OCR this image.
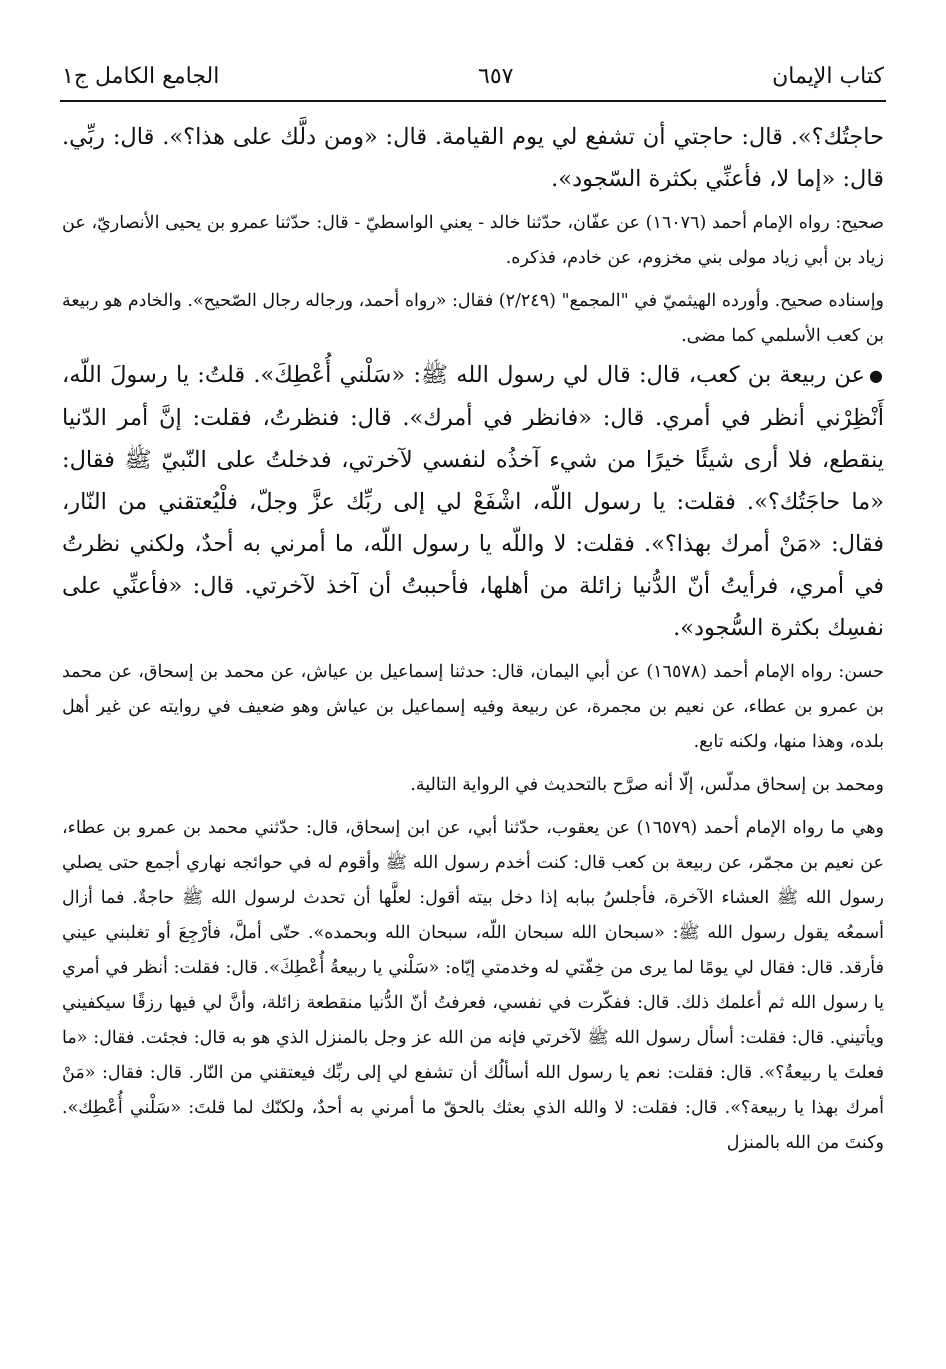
كتاب الإيمان
٦٥٧
الجامع الكامل ج١

حاجتُك؟». قال: حاجتي أن تشفع لي يوم القيامة. قال: «ومن دلَّك على هذا؟». قال: ربِّي. قال: «إما لا، فأعنِّي بكثرة السّجود».

صحيح: رواه الإمام أحمد (١٦٠٧٦) عن عفّان، حدّثنا خالد - يعني الواسطيّ - قال: حدّثنا عمرو بن يحيى الأنصاريّ، عن زياد بن أبي زياد مولى بني مخزوم، عن خادم، فذكره.

وإسناده صحيح. وأورده الهيثميّ في "المجمع" (٢/٢٤٩) فقال: «رواه أحمد، ورجاله رجال الصّحيح». والخادم هو ربيعة بن كعب الأسلمي كما مضى.

●عن ربيعة بن كعب، قال: قال لي رسول الله ﷺ: «سَلْني أُعْطِكَ». قلتُ: يا رسولَ اللّه، أَنْظِرْني أنظر في أمري. قال: «فانظر في أمرك». قال: فنظرتُ، فقلت: إنَّ أمر الدّنيا ينقطع، فلا أرى شيئًا خيرًا من شيء آخذُه لنفسي لآخرتي، فدخلتُ على النّبيّ ﷺ فقال: «ما حاجَتُك؟». فقلت: يا رسول اللّه، اشْفَعْ لي إلى ربِّك عزَّ وجلّ، فلْيُعتقني من النّار، فقال: «مَنْ أمرك بهذا؟». فقلت: لا واللّه يا رسول اللّه، ما أمرني به أحدٌ، ولكني نظرتُ في أمري، فرأيتُ أنّ الدُّنيا زائلة من أهلها، فأحببتُ أن آخذ لآخرتي. قال: «فأعنِّي على نفسِك بكثرة السُّجود».

حسن: رواه الإمام أحمد (١٦٥٧٨) عن أبي اليمان، قال: حدثنا إسماعيل بن عياش، عن محمد بن إسحاق، عن محمد بن عمرو بن عطاء، عن نعيم بن مجمرة، عن ربيعة وفيه إسماعيل بن عياش وهو ضعيف في روايته عن غير أهل بلده، وهذا منها، ولكنه تابع.

ومحمد بن إسحاق مدلّس، إلّا أنه صرَّح بالتحديث في الرواية التالية.

وهي ما رواه الإمام أحمد (١٦٥٧٩) عن يعقوب، حدّثنا أبي، عن ابن إسحاق، قال: حدّثني محمد بن عمرو بن عطاء، عن نعيم بن مجمّر، عن ربيعة بن كعب قال: كنت أخدم رسول الله ﷺ وأقوم له في حوائجه نهاري أجمع حتى يصلي رسول الله ﷺ العشاء الآخرة، فأجلسُ ببابه إذا دخل بيته أقول: لعلَّها أن تحدث لرسول الله ﷺ حاجةٌ. فما أزال أسمعُه يقول رسول الله ﷺ: «سبحان الله سبحان اللّه، سبحان الله وبحمده». حتّى أملَّ، فأرْجِعَ أو تغلبني عيني فأرقد. قال: فقال لي يومًا لما يرى من خِفّتي له وخدمتي إيّاه: «سَلْني يا ربيعةُ أُعْطِكَ». قال: فقلت: أنظر في أمري يا رسول الله ثم أعلمك ذلك. قال: ففكّرت في نفسي، فعرفتُ أنّ الدُّنيا منقطعة زائلة، وأنَّ لي فيها رزقًا سيكفيني ويأتيني. قال: فقلت: أسأل رسول الله ﷺ لآخرتي فإنه من الله عز وجل بالمنزل الذي هو به قال: فجئت. فقال: «ما فعلتَ يا ربيعةُ؟». قال: فقلت: نعم يا رسول الله أسألُك أن تشفع لي إلى ربِّك فيعتقني من النّار. قال: فقال: «مَنْ أمرك بهذا يا ربيعة؟». قال: فقلت: لا والله الذي بعثك بالحقّ ما أمرني به أحدٌ، ولكنّك لما قلتَ: «سَلْني أُعْطِك». وكنتَ من الله بالمنزل
